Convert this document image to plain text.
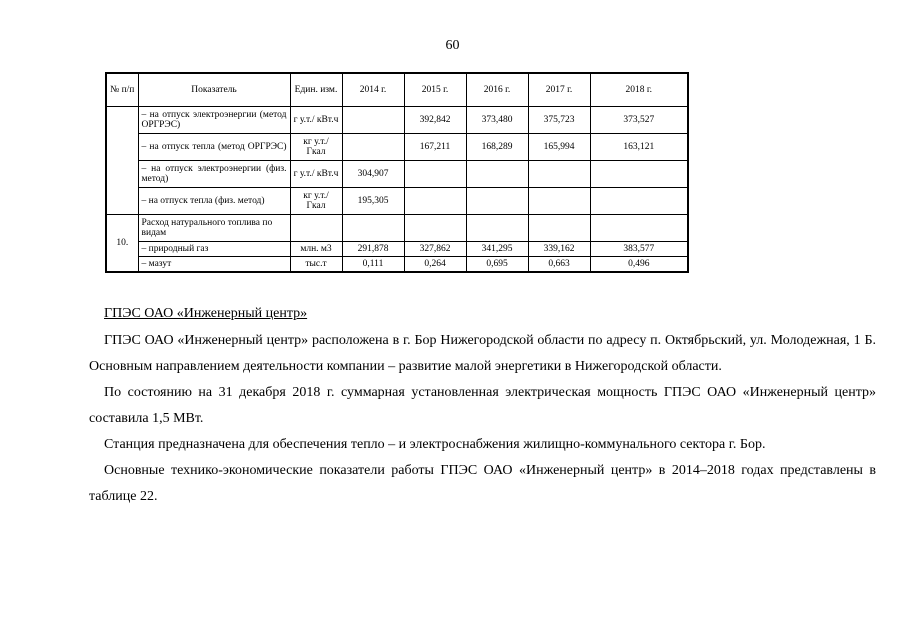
60
№ п/п	Показатель	Един. изм.	2014 г.	2015 г.	2016 г.	2017 г.	2018 г.
	– на отпуск электроэнергии (метод ОРГРЭС)	г у.т./ кВт.ч		392,842	373,480	375,723	373,527
	– на отпуск тепла (метод ОРГРЭС)	кг у.т./ Гкал		167,211	168,289	165,994	163,121
	– на отпуск электроэнергии (физ. метод)	г у.т./ кВт.ч	304,907				
	– на отпуск тепла (физ. метод)	кг у.т./ Гкал	195,305				
10.	Расход натурального топлива по видам						
	– природный газ	млн. м3	291,878	327,862	341,295	339,162	383,577
	– мазут	тыс.т	0,111	0,264	0,695	0,663	0,496
ГПЭС ОАО «Инженерный центр»

ГПЭС ОАО «Инженерный центр» расположена в г. Бор Нижегородской области по адресу п. Октябрьский, ул. Молодежная, 1 Б. Основным направлением деятельности компании – развитие малой энергетики в Нижегородской области.

По состоянию на 31 декабря 2018 г. суммарная установленная электрическая мощность ГПЭС ОАО «Инженерный центр» составила 1,5 МВт.

Станция предназначена для обеспечения тепло – и электроснабжения жилищно-коммунального сектора г. Бор.

Основные технико-экономические показатели работы ГПЭС ОАО «Инженерный центр» в 2014–2018 годах представлены в таблице 22.
